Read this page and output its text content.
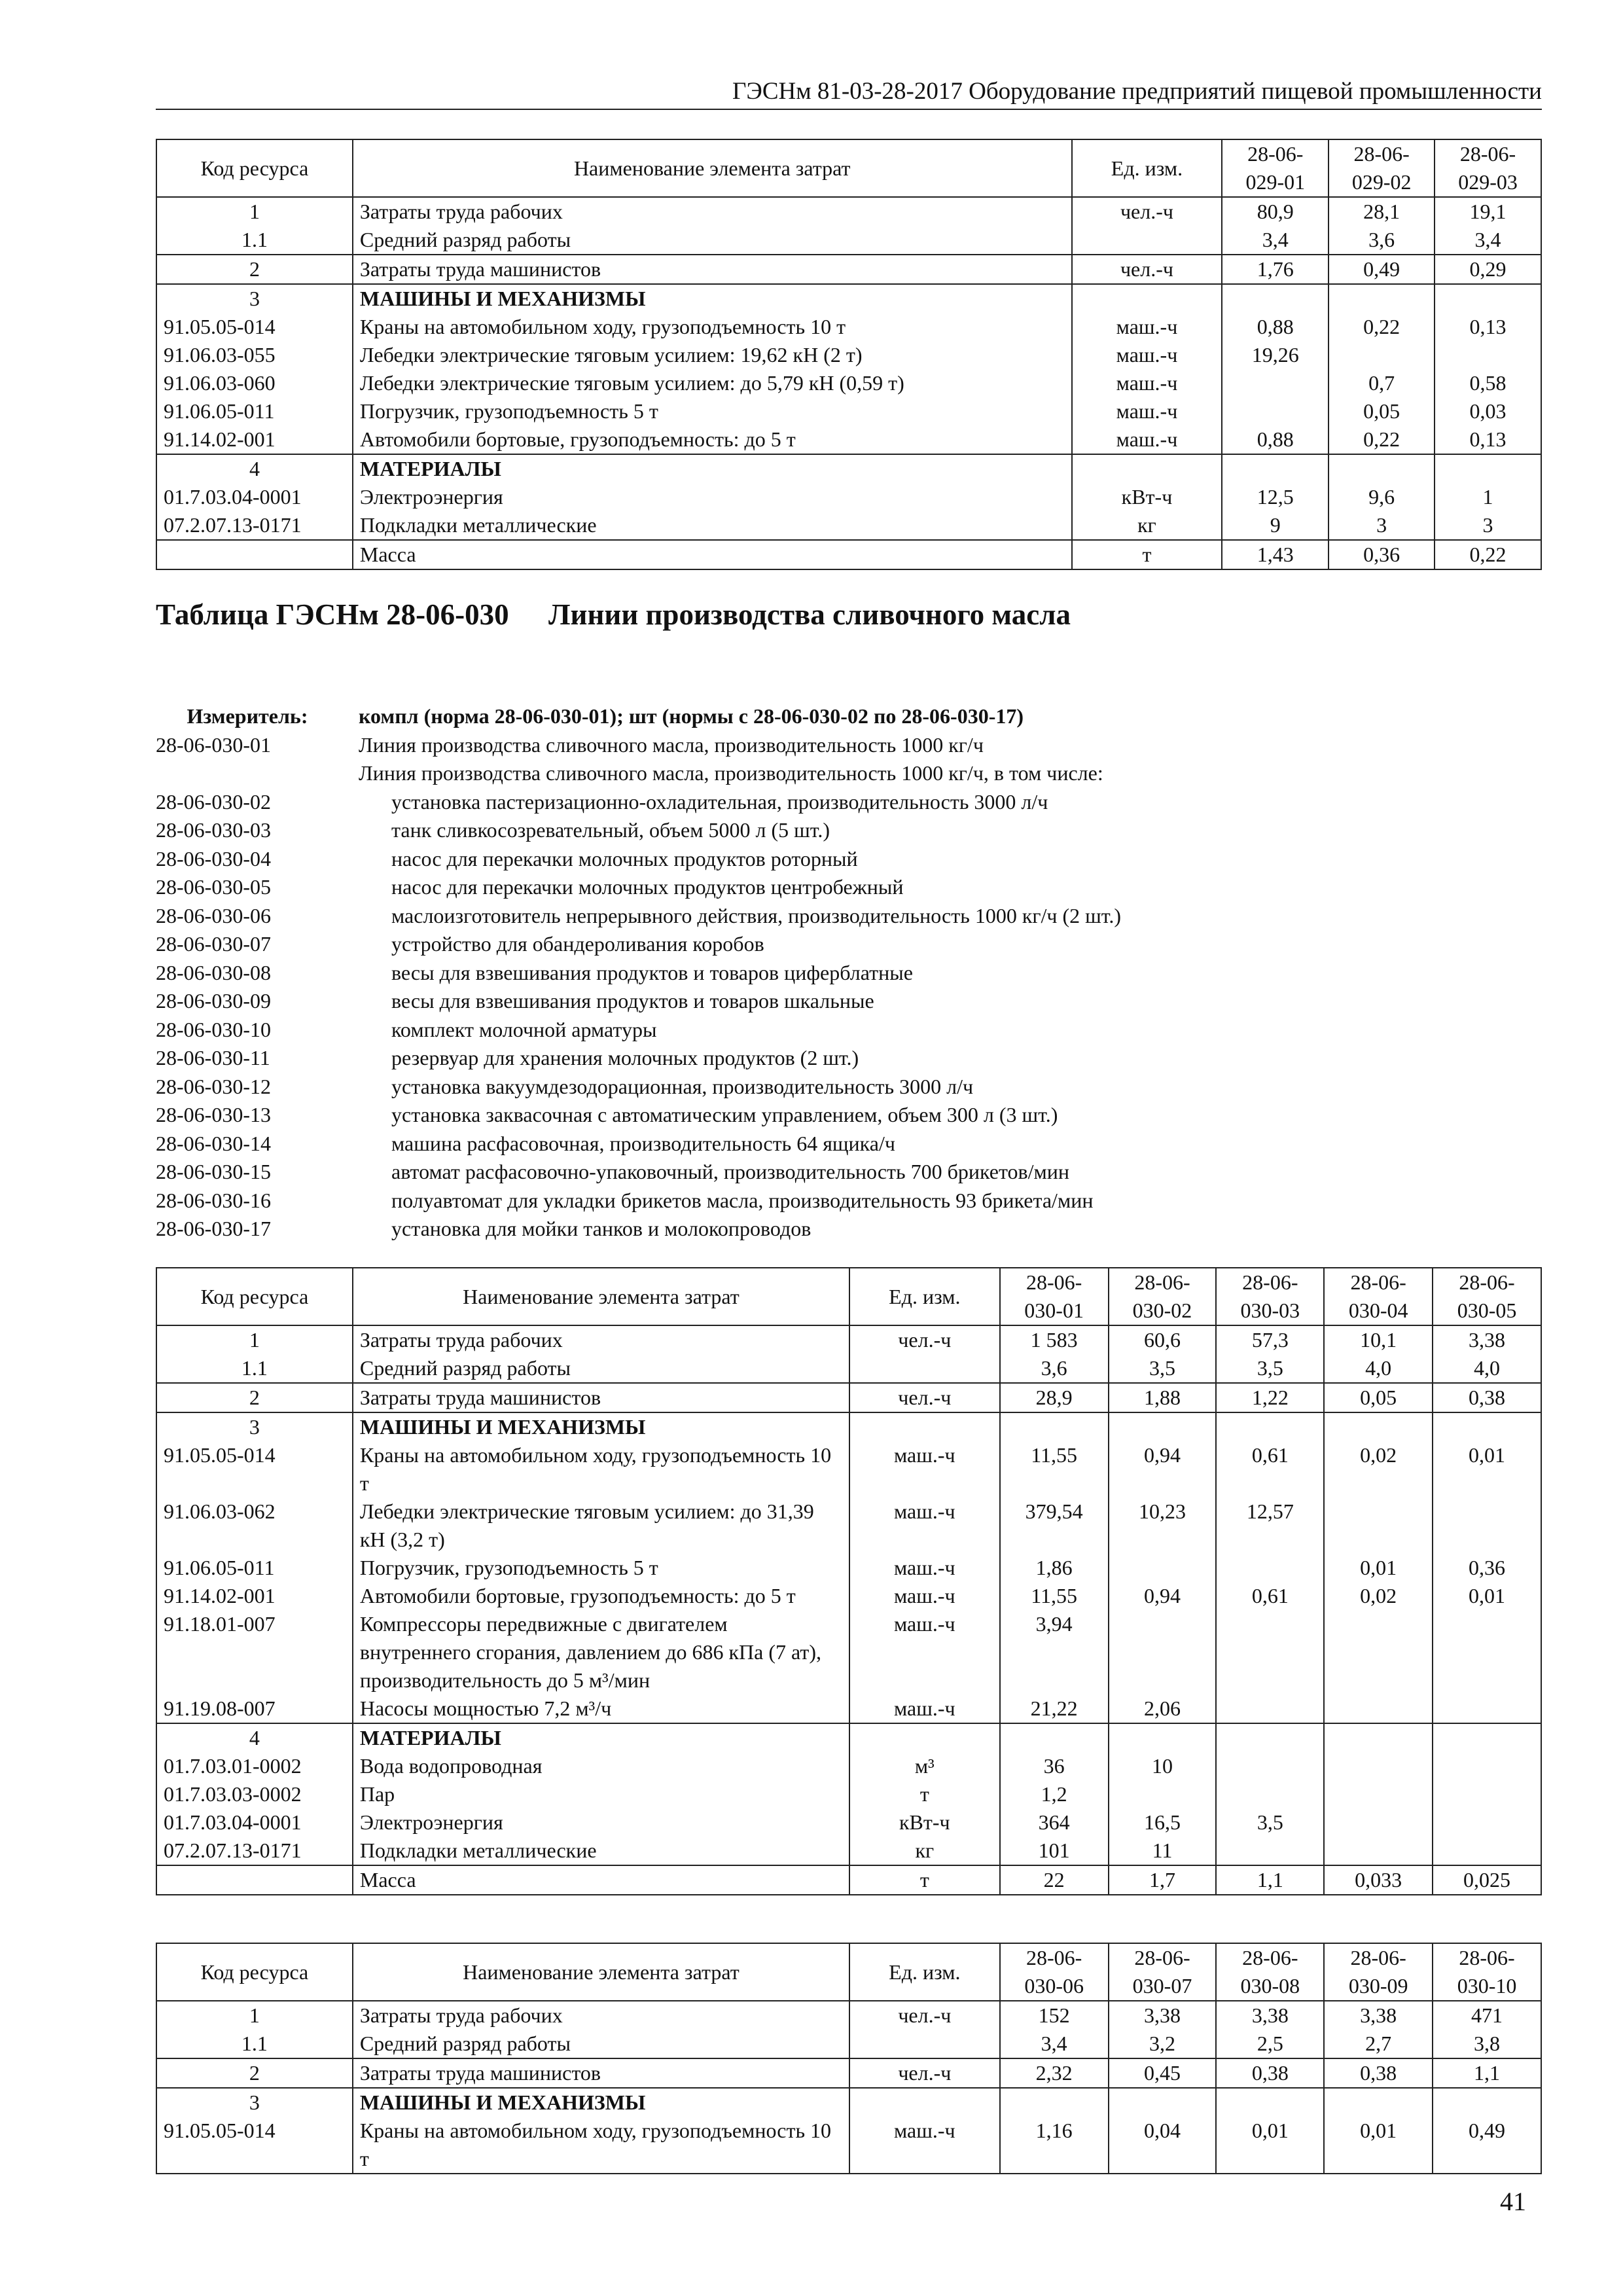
ГЭСНм 81-03-28-2017 Оборудование предприятий пищевой промышленности
Код ресурса	Наименование элемента затрат	Ед. изм.	28-06-029-01	28-06-029-02	28-06-029-03
1	Затраты труда рабочих	чел.-ч	80,9	28,1	19,1
1.1	Средний разряд работы		3,4	3,6	3,4
2	Затраты труда машинистов	чел.-ч	1,76	0,49	0,29
3	МАШИНЫ И МЕХАНИЗМЫ				
91.05.05-014	Краны на автомобильном ходу, грузоподъемность 10 т	маш.-ч	0,88	0,22	0,13
91.06.03-055	Лебедки электрические тяговым усилием: 19,62 кН (2 т)	маш.-ч	19,26		
91.06.03-060	Лебедки электрические тяговым усилием: до 5,79 кН (0,59 т)	маш.-ч		0,7	0,58
91.06.05-011	Погрузчик, грузоподъемность 5 т	маш.-ч		0,05	0,03
91.14.02-001	Автомобили бортовые, грузоподъемность: до 5 т	маш.-ч	0,88	0,22	0,13
4	МАТЕРИАЛЫ				
01.7.03.04-0001	Электроэнергия	кВт-ч	12,5	9,6	1
07.2.07.13-0171	Подкладки металлические	кг	9	3	3
	Масса	т	1,43	0,36	0,22
Таблица ГЭСНм 28-06-030 Линии производства сливочного масла
Измеритель:	компл (норма 28-06-030-01); шт (нормы с 28-06-030-02 по 28-06-030-17)
28-06-030-01	Линия производства сливочного масла, производительность 1000 кг/ч
Линия производства сливочного масла, производительность 1000 кг/ч, в том числе:
28-06-030-02	установка пастеризационно-охладительная, производительность 3000 л/ч
28-06-030-03	танк сливкосозревательный, объем 5000 л (5 шт.)
28-06-030-04	насос для перекачки молочных продуктов роторный
28-06-030-05	насос для перекачки молочных продуктов центробежный
28-06-030-06	маслоизготовитель непрерывного действия, производительность 1000 кг/ч (2 шт.)
28-06-030-07	устройство для обандероливания коробов
28-06-030-08	весы для взвешивания продуктов и товаров циферблатные
28-06-030-09	весы для взвешивания продуктов и товаров шкальные
28-06-030-10	комплект молочной арматуры
28-06-030-11	резервуар для хранения молочных продуктов (2 шт.)
28-06-030-12	установка вакуумдезодорационная, производительность 3000 л/ч
28-06-030-13	установка заквасочная с автоматическим управлением, объем 300 л (3 шт.)
28-06-030-14	машина расфасовочная, производительность 64 ящика/ч
28-06-030-15	автомат расфасовочно-упаковочный, производительность 700 брикетов/мин
28-06-030-16	полуавтомат для укладки брикетов масла, производительность 93 брикета/мин
28-06-030-17	установка для мойки танков и молокопроводов
Код ресурса	Наименование элемента затрат	Ед. изм.	28-06-030-01	28-06-030-02	28-06-030-03	28-06-030-04	28-06-030-05
1	Затраты труда рабочих	чел.-ч	1 583	60,6	57,3	10,1	3,38
1.1	Средний разряд работы		3,6	3,5	3,5	4,0	4,0
2	Затраты труда машинистов	чел.-ч	28,9	1,88	1,22	0,05	0,38
3	МАШИНЫ И МЕХАНИЗМЫ						
91.05.05-014	Краны на автомобильном ходу, грузоподъемность 10 т	маш.-ч	11,55	0,94	0,61	0,02	0,01
91.06.03-062	Лебедки электрические тяговым усилием: до 31,39 кН (3,2 т)	маш.-ч	379,54	10,23	12,57		
91.06.05-011	Погрузчик, грузоподъемность 5 т	маш.-ч	1,86			0,01	0,36
91.14.02-001	Автомобили бортовые, грузоподъемность: до 5 т	маш.-ч	11,55	0,94	0,61	0,02	0,01
91.18.01-007	Компрессоры передвижные с двигателем внутреннего сгорания, давлением до 686 кПа (7 ат), производительность до 5 м³/мин	маш.-ч	3,94				
91.19.08-007	Насосы мощностью 7,2 м³/ч	маш.-ч	21,22	2,06			
4	МАТЕРИАЛЫ						
01.7.03.01-0002	Вода водопроводная	м³	36	10			
01.7.03.03-0002	Пар	т	1,2				
01.7.03.04-0001	Электроэнергия	кВт-ч	364	16,5	3,5		
07.2.07.13-0171	Подкладки металлические	кг	101	11			
	Масса	т	22	1,7	1,1	0,033	0,025
Код ресурса	Наименование элемента затрат	Ед. изм.	28-06-030-06	28-06-030-07	28-06-030-08	28-06-030-09	28-06-030-10
1	Затраты труда рабочих	чел.-ч	152	3,38	3,38	3,38	471
1.1	Средний разряд работы		3,4	3,2	2,5	2,7	3,8
2	Затраты труда машинистов	чел.-ч	2,32	0,45	0,38	0,38	1,1
3	МАШИНЫ И МЕХАНИЗМЫ						
91.05.05-014	Краны на автомобильном ходу, грузоподъемность 10 т	маш.-ч	1,16	0,04	0,01	0,01	0,49
41
